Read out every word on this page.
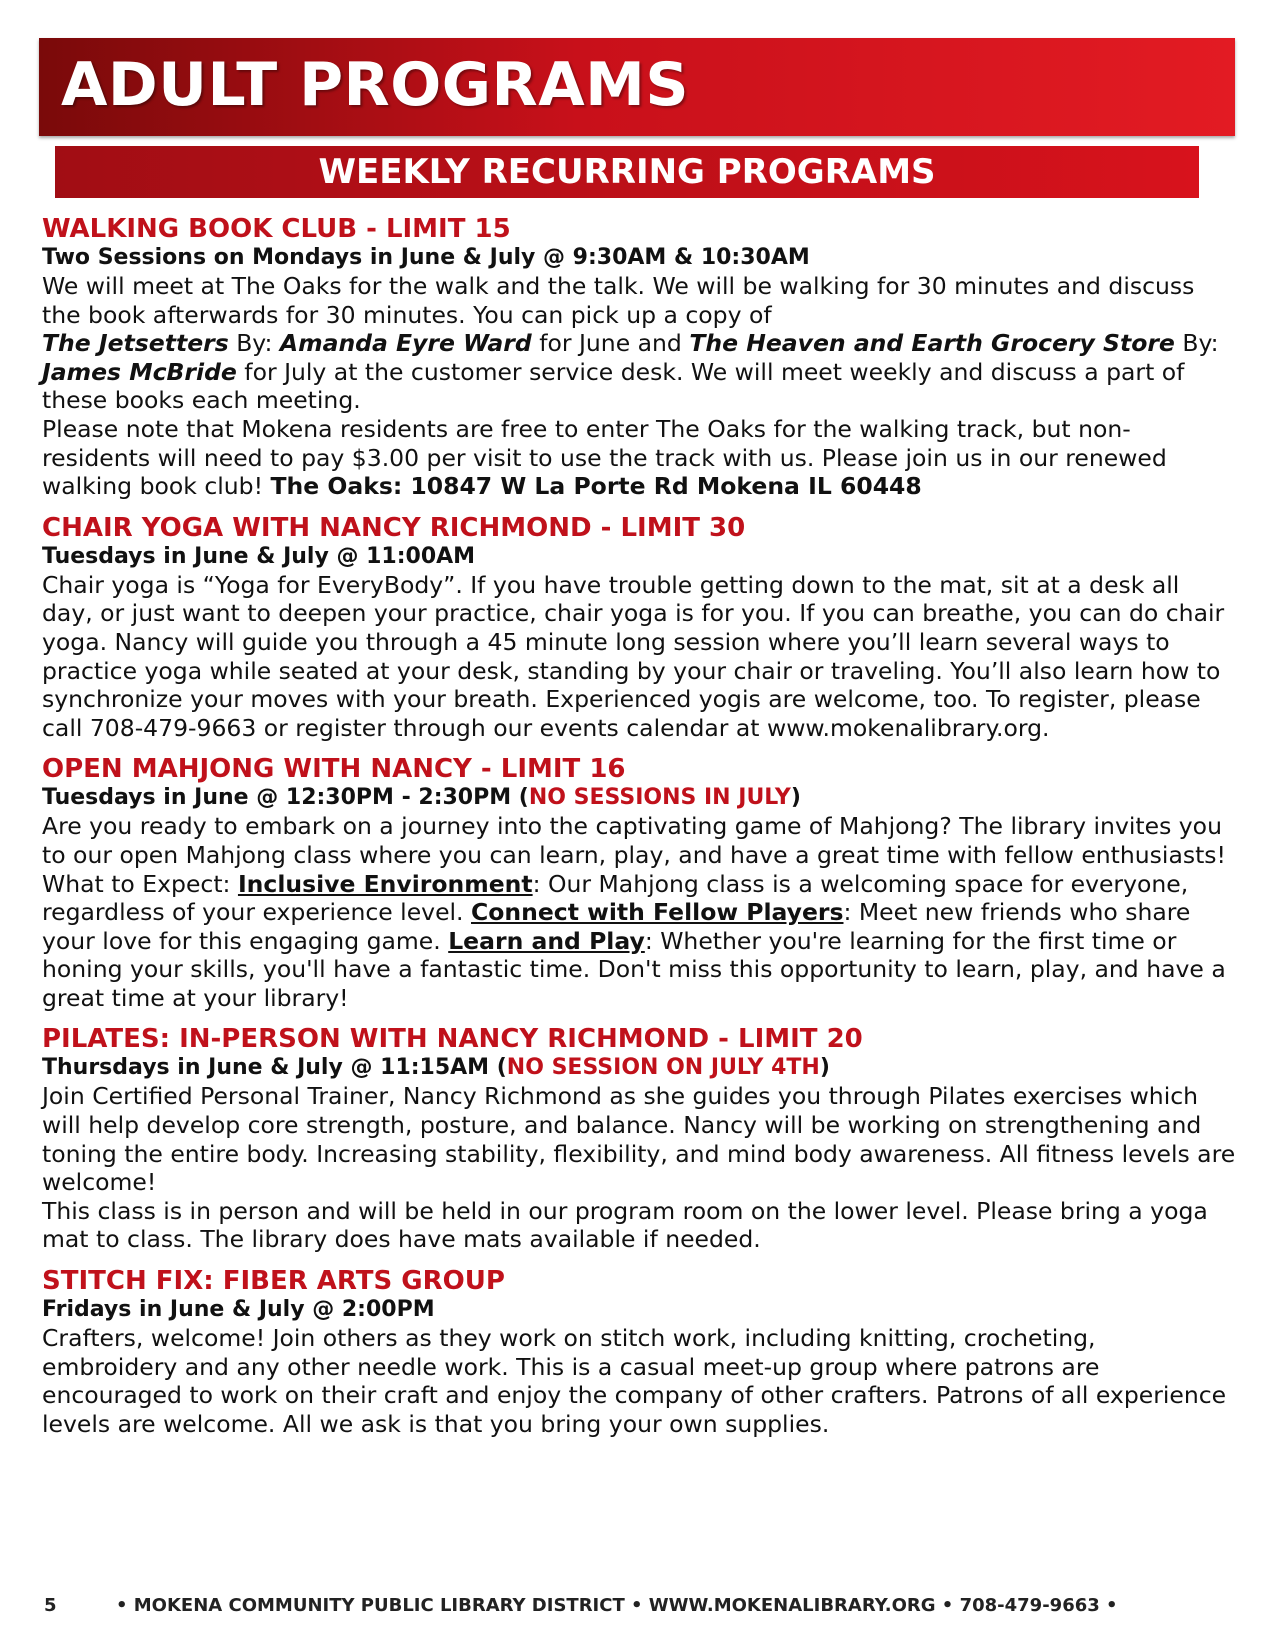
ADULT PROGRAMS
WEEKLY RECURRING PROGRAMS

WALKING BOOK CLUB - LIMIT 15

Two Sessions on Mondays in June & July @ 9:30AM & 10:30AM

We will meet at The Oaks for the walk and the talk. We will be walking for 30 minutes and discuss the book afterwards for 30 minutes. You can pick up a copy of
The Jetsetters By: Amanda Eyre Ward for June and The Heaven and Earth Grocery Store By: James McBride for July at the customer service desk. We will meet weekly and discuss a part of these books each meeting.
Please note that Mokena residents are free to enter The Oaks for the walking track, but non-residents will need to pay $3.00 per visit to use the track with us. Please join us in our renewed walking book club! The Oaks: 10847 W La Porte Rd Mokena IL 60448

CHAIR YOGA WITH NANCY RICHMOND - LIMIT 30

Tuesdays in June & July @ 11:00AM

Chair yoga is “Yoga for EveryBody”. If you have trouble getting down to the mat, sit at a desk all day, or just want to deepen your practice, chair yoga is for you. If you can breathe, you can do chair yoga. Nancy will guide you through a 45 minute long session where you’ll learn several ways to practice yoga while seated at your desk, standing by your chair or traveling. You’ll also learn how to synchronize your moves with your breath. Experienced yogis are welcome, too. To register, please call 708-479-9663 or register through our events calendar at www.mokenalibrary.org.

OPEN MAHJONG WITH NANCY - LIMIT 16

Tuesdays in June @ 12:30PM - 2:30PM (NO SESSIONS IN JULY)

Are you ready to embark on a journey into the captivating game of Mahjong? The library invites you to our open Mahjong class where you can learn, play, and have a great time with fellow enthusiasts! What to Expect: Inclusive Environment: Our Mahjong class is a welcoming space for everyone, regardless of your experience level. Connect with Fellow Players: Meet new friends who share your love for this engaging game. Learn and Play: Whether you're learning for the first time or honing your skills, you'll have a fantastic time. Don't miss this opportunity to learn, play, and have a great time at your library!

PILATES: IN-PERSON WITH NANCY RICHMOND - LIMIT 20

Thursdays in June & July @ 11:15AM (NO SESSION ON JULY 4TH)

Join Certified Personal Trainer, Nancy Richmond as she guides you through Pilates exercises which will help develop core strength, posture, and balance. Nancy will be working on strengthening and toning the entire body. Increasing stability, flexibility, and mind body awareness. All fitness levels are welcome!
This class is in person and will be held in our program room on the lower level. Please bring a yoga mat to class. The library does have mats available if needed.

STITCH FIX: FIBER ARTS GROUP

Fridays in June & July @ 2:00PM

Crafters, welcome! Join others as they work on stitch work, including knitting, crocheting, embroidery and any other needle work. This is a casual meet-up group where patrons are encouraged to work on their craft and enjoy the company of other crafters. Patrons of all experience levels are welcome. All we ask is that you bring your own supplies.

5	• MOKENA COMMUNITY PUBLIC LIBRARY DISTRICT • WWW.MOKENALIBRARY.ORG • 708-479-9663 •
